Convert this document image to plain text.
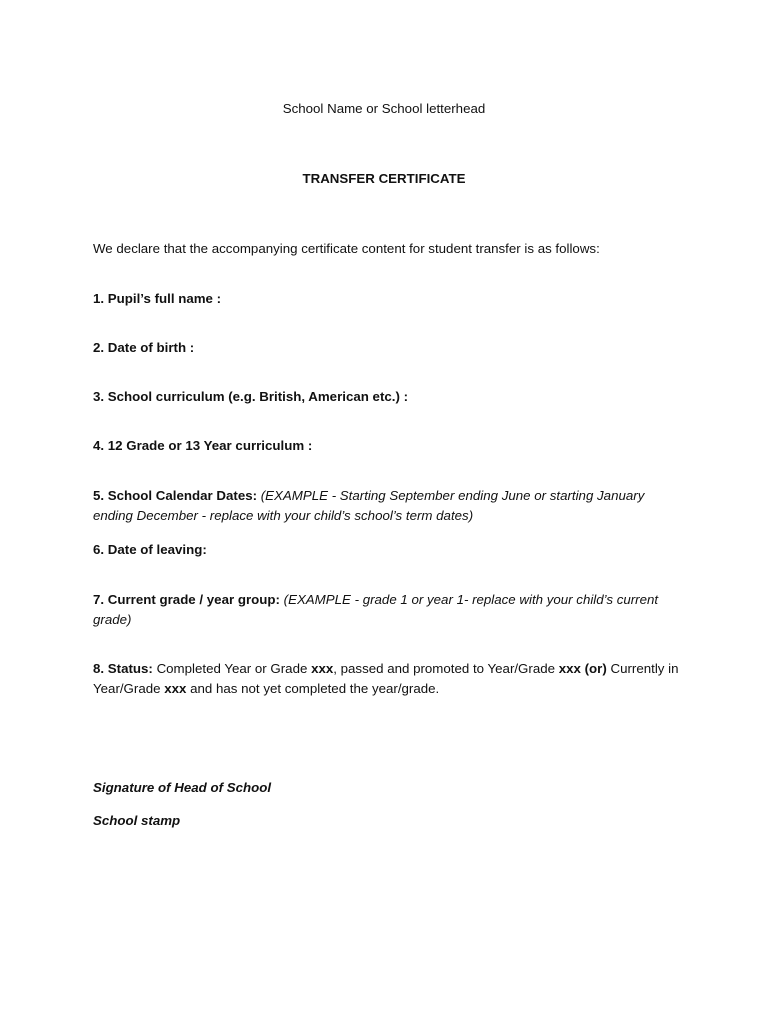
School Name or School letterhead
TRANSFER CERTIFICATE
We declare that the accompanying certificate content for student transfer is as follows:
1. Pupil’s full name :
2. Date of birth :
3. School curriculum (e.g. British, American etc.) :
4. 12 Grade or 13 Year curriculum :
5. School Calendar Dates: (EXAMPLE - Starting September ending June or starting January ending December - replace with your child’s school’s term dates)
6. Date of leaving:
7. Current grade / year group: (EXAMPLE - grade 1 or year 1- replace with your child’s current grade)
8. Status: Completed Year or Grade xxx, passed and promoted to Year/Grade xxx (or) Currently in Year/Grade xxx and has not yet completed the year/grade.
Signature of Head of School
School stamp
